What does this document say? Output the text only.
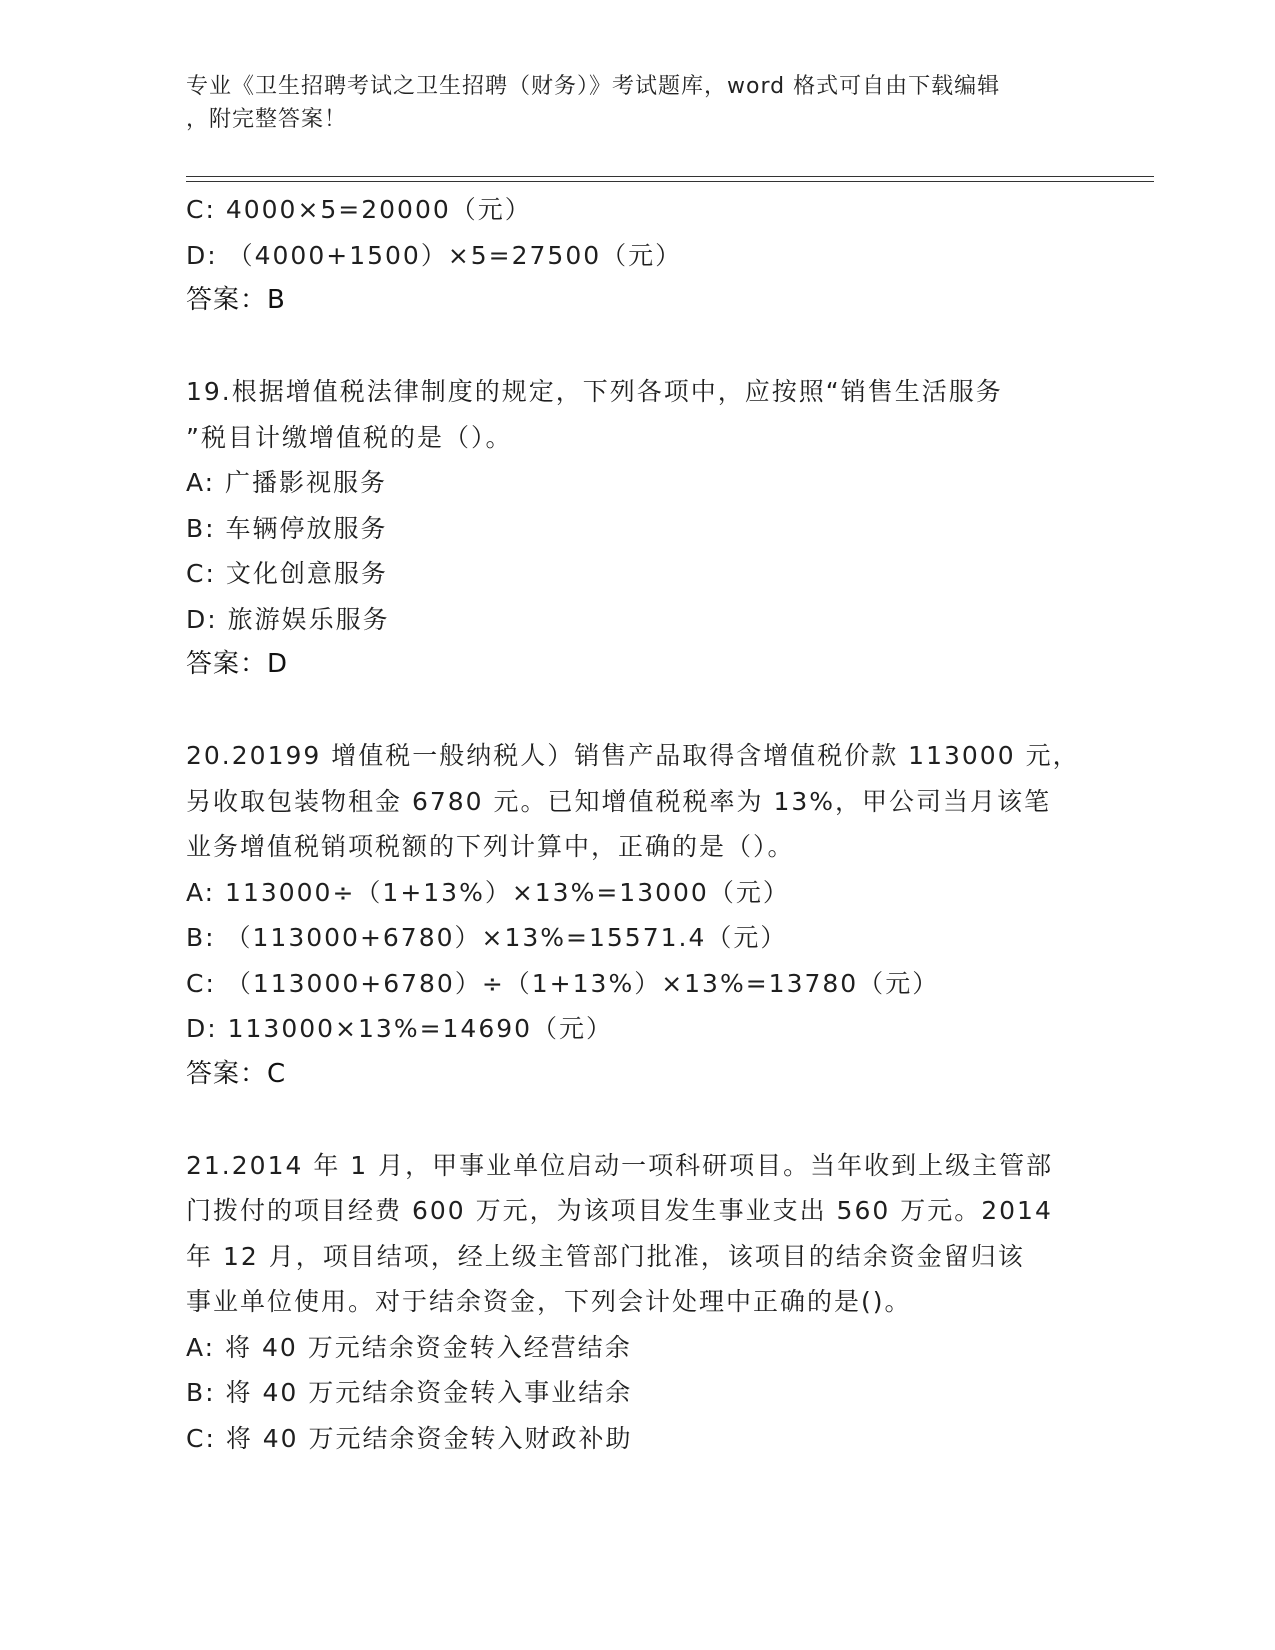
专业《卫生招聘考试之卫生招聘（财务）》考试题库，word 格式可自由下载编辑
，附完整答案！
C: 4000×5=20000（元）
D: （4000+1500）×5=27500（元）
答案：B
19.根据增值税法律制度的规定，下列各项中，应按照“销售生活服务
”税目计缴增值税的是（）。
A: 广播影视服务
B: 车辆停放服务
C: 文化创意服务
D: 旅游娱乐服务
答案：D
20.20199 增值税一般纳税人）销售产品取得含增值税价款 113000 元，
另收取包装物租金 6780 元。已知增值税税率为 13%，甲公司当月该笔
业务增值税销项税额的下列计算中，正确的是（）。
A: 113000÷（1+13%）×13%=13000（元）
B: （113000+6780）×13%=15571.4（元）
C: （113000+6780）÷（1+13%）×13%=13780（元）
D: 113000×13%=14690（元）
答案：C
21.2014 年 1 月，甲事业单位启动一项科研项目。当年收到上级主管部
门拨付的项目经费 600 万元，为该项目发生事业支出 560 万元。2014
年 12 月，项目结项，经上级主管部门批准，该项目的结余资金留归该
事业单位使用。对于结余资金，下列会计处理中正确的是()。
A: 将 40 万元结余资金转入经营结余
B: 将 40 万元结余资金转入事业结余
C: 将 40 万元结余资金转入财政补助
